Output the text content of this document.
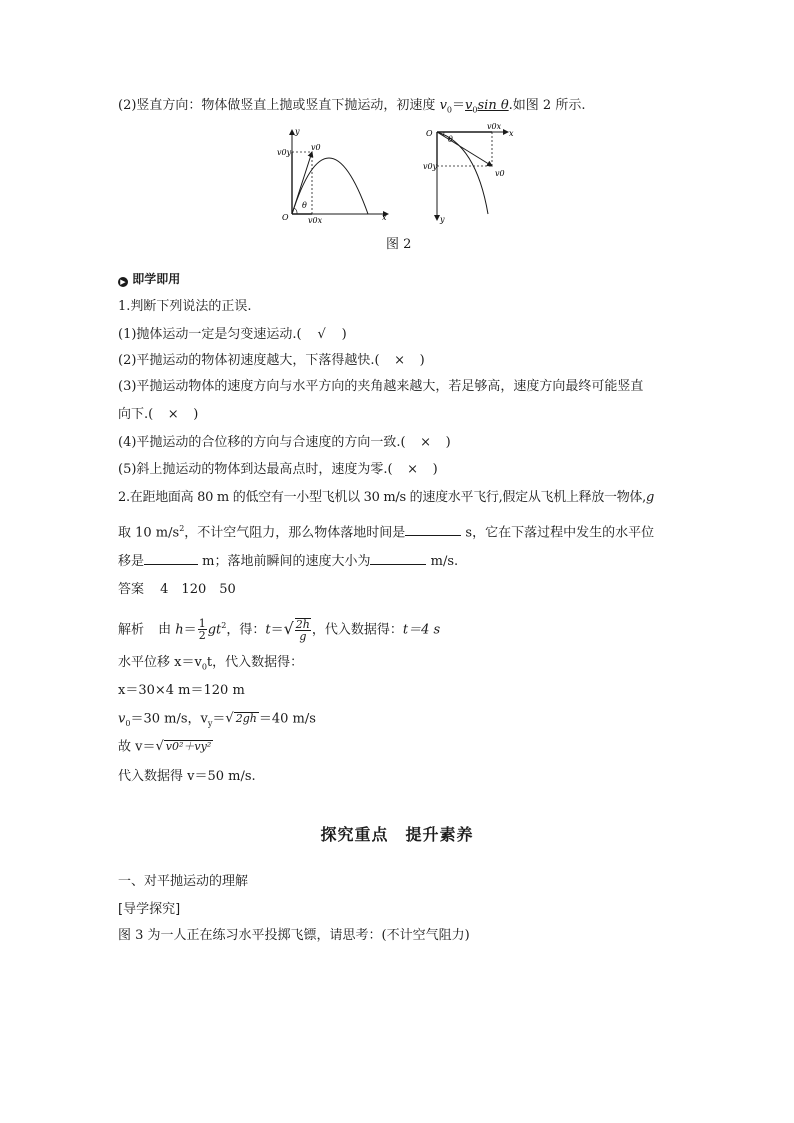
(2)竖直方向：物体做竖直上抛或竖直下抛运动，初速度 $v_0=v_0\sin$ θ.如图 2 所示.
O	x
y
v0
v0y
v0x
θ
O	x
y
v0x
v0y
v0
θ
图 2
▶ 即学即用
1.判断下列说法的正误.
(1)抛体运动一定是匀变速运动.( √ )
(2)平抛运动的物体初速度越大，下落得越快.( × )
(3)平抛运动物体的速度方向与水平方向的夹角越来越大，若足够高，速度方向最终可能竖直
向下.( × )
(4)平抛运动的合位移的方向与合速度的方向一致.( × )
(5)斜上抛运动的物体到达最高点时，速度为零.( × )
2.在距地面高 80 m 的低空有一小型飞机以 30 m/s 的速度水平飞行,假定从飞机上释放一物体,g
取 10 $m/s^2$，不计空气阻力，那么物体落地时间是	s，它在下落过程中发生的水平位
移是	m；落地前瞬间的速度大小为	m/s.
答案 4　120　50
解析 由 $h= \frac{1}{2} gt^2$，得：$t=√ \frac{2h}{g}$ ，代入数据得：t＝4 s
水平位移 $x=v_0t$，代入数据得：
x＝30×4 m＝120 m
$v_0=30$ m/s，$v_y=√$ 2gh ＝40 m/s
故 v＝√ v0²＋vy²
代入数据得 v＝50 m/s.
探究重点　提升素养
一、对平抛运动的理解
[导学探究]
图 3 为一人正在练习水平投掷飞镖，请思考：(不计空气阻力)
